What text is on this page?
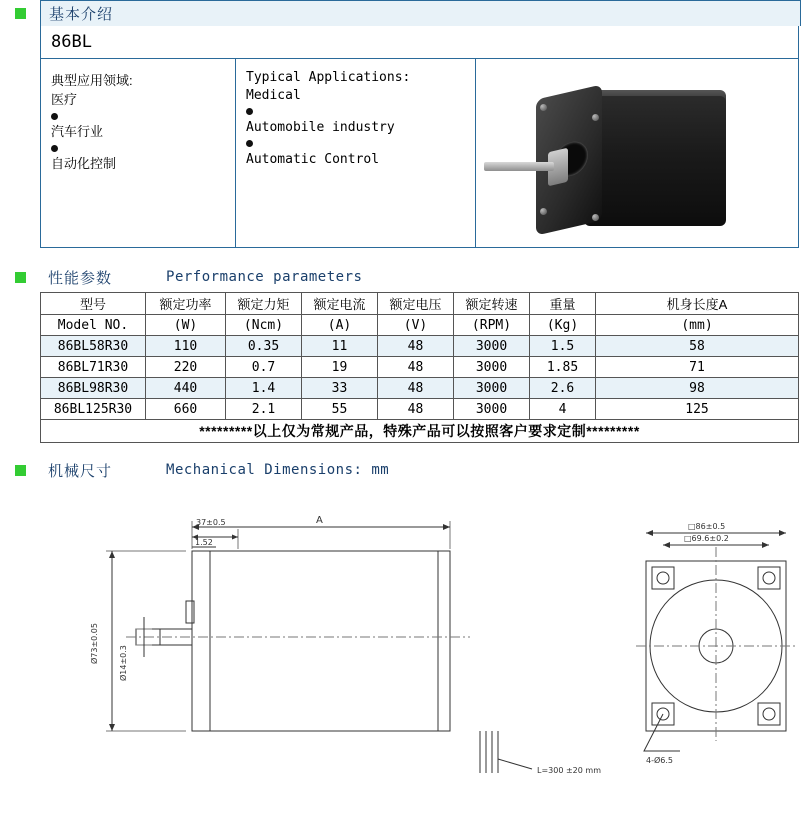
基本介绍
86BL
典型应用领域:
医疗
汽车行业
自动化控制
Typical Applications:
Medical
Automobile industry
Automatic Control
性能参数	Performance parameters
型号	额定功率	额定力矩	额定电流	额定电压	额定转速	重量	机身长度A
Model NO.	(W)	(Ncm)	(A)	(V)	(RPM)	(Kg)	(mm)
86BL58R30	110	0.35	11	48	3000	1.5	58
86BL71R30	220	0.7	19	48	3000	1.85	71
86BL98R30	440	1.4	33	48	3000	2.6	98
86BL125R30	660	2.1	55	48	3000	4	125
*********以上仅为常规产品，特殊产品可以按照客户要求定制*********							
机械尺寸	Mechanical Dimensions: mm
37±0.5
1.52
A
Ø73±0.05	Ø14±0.3
L=300 ±20 mm
□86±0.5
□69.6±0.2
4-Ø6.5
